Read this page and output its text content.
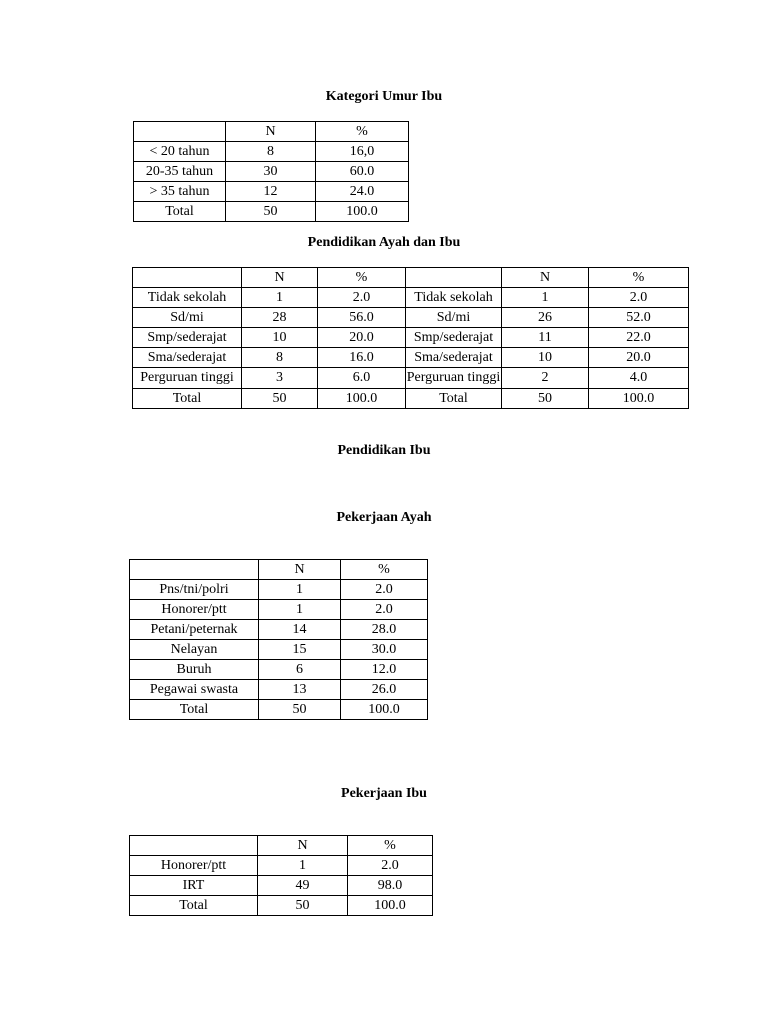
Kategori Umur Ibu
	N	%
< 20 tahun	8	16,0
20-35 tahun	30	60.0
> 35 tahun	12	24.0
Total	50	100.0
Pendidikan Ayah dan Ibu
	N	%		N	%
Tidak sekolah	1	2.0	Tidak sekolah	1	2.0
Sd/mi	28	56.0	Sd/mi	26	52.0
Smp/sederajat	10	20.0	Smp/sederajat	11	22.0
Sma/sederajat	8	16.0	Sma/sederajat	10	20.0
Perguruan tinggi	3	6.0	Perguruan tinggi	2	4.0
Total	50	100.0	Total	50	100.0
Pendidikan Ibu
Pekerjaan Ayah
	N	%
Pns/tni/polri	1	2.0
Honorer/ptt	1	2.0
Petani/peternak	14	28.0
Nelayan	15	30.0
Buruh	6	12.0
Pegawai swasta	13	26.0
Total	50	100.0
Pekerjaan Ibu
	N	%
Honorer/ptt	1	2.0
IRT	49	98.0
Total	50	100.0
